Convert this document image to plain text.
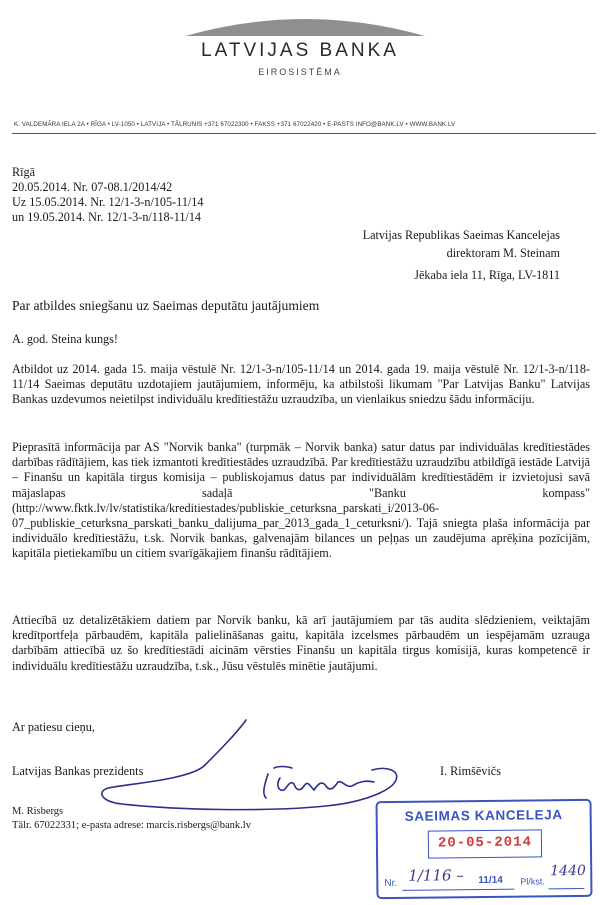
LATVIJAS BANKA
EIROSISTĒMA
K. VALDEMĀRA IELA 2A • RĪGA • LV-1050 • LATVIJA • TĀLRUNIS +371 67022300 • FAKSS +371 67022420 • E-PASTS INFO@BANK.LV • WWW.BANK.LV
Rīgā
20.05.2014. Nr. 07-08.1/2014/42
Uz 15.05.2014. Nr. 12/1-3-n/105-11/14
un 19.05.2014. Nr. 12/1-3-n/118-11/14
Latvijas Republikas Saeimas Kancelejas
direktoram M. Steinam
Jēkaba iela 11, Rīga, LV-1811
Par atbildes sniegšanu uz Saeimas deputātu jautājumiem
A. god. Steina kungs!
Atbildot uz 2014. gada 15. maija vēstulē Nr. 12/1-3-n/105-11/14 un 2014. gada 19. maija vēstulē Nr. 12/1-3-n/118-11/14 Saeimas deputātu uzdotajiem jautājumiem, informēju, ka atbilstoši likumam "Par Latvijas Banku" Latvijas Bankas uzdevumos neietilpst individuālu kredītiestāžu uzraudzība, un vienlaikus sniedzu šādu informāciju.
Pieprasītā informācija par AS "Norvik banka" (turpmāk – Norvik banka) satur datus par individuālas kredītiestādes darbības rādītājiem, kas tiek izmantoti kredītiestādes uzraudzībā. Par kredītiestāžu uzraudzību atbildīgā iestāde Latvijā – Finanšu un kapitāla tirgus komisija – publiskojamus datus par individuālām kredītiestādēm ir izvietojusi savā mājaslapas sadaļā "Banku kompass" (http://www.fktk.lv/lv/statistika/kreditiestades/publiskie_ceturksna_parskati_i/2013-06-07_publiskie_ceturksna_parskati_banku_dalijuma_par_2013_gada_1_ceturksni/). Tajā sniegta plaša informācija par individuālo kredītiestāžu, t.sk. Norvik bankas, galvenajām bilances un peļņas un zaudējuma aprēķina pozīcijām, kapitāla pietiekamību un citiem svarīgākajiem finanšu rādītājiem.
Attiecībā uz detalizētākiem datiem par Norvik banku, kā arī jautājumiem par tās audita slēdzieniem, veiktajām kredītportfeļa pārbaudēm, kapitāla palielināšanas gaitu, kapitāla izcelsmes pārbaudēm un iespējamām uzraugа darbībām attiecībā uz šo kredītiestādi aicinām vērsties Finanšu un kapitāla tirgus komisijā, kuras kompetencē ir individuālu kredītiestāžu uzraudzība, t.sk., Jūsu vēstulēs minētie jautājumi.
Ar patiesu cieņu,
Latvijas Bankas prezidents	I. Rimšēvičs
M. Risbergs
Tālr. 67022331; e-pasta adrese: marcis.risbergs@bank.lv
SAEIMAS KANCELEJA
20-05-2014
Nr. 1/116 – 11/14 Pl/kst.
1440
